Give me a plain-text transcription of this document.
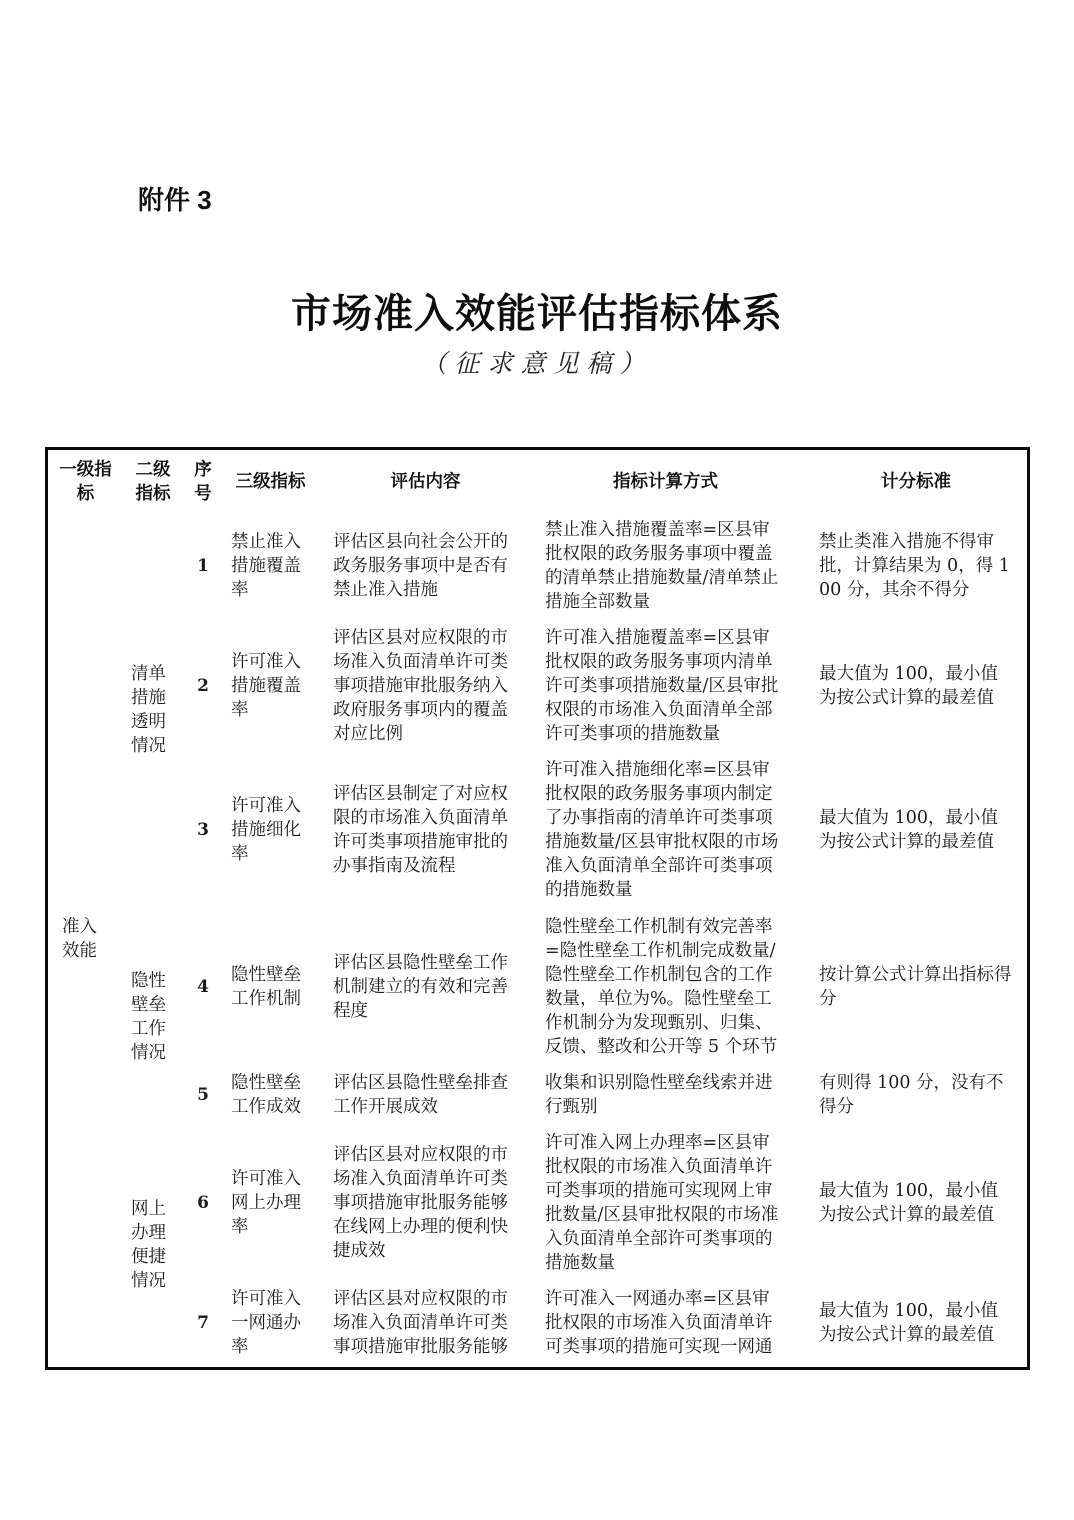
附件 3
市场准入效能评估指标体系
（征求意见稿）
一级指标	二级指标	序号	三级指标	评估内容	指标计算方式	计分标准
准入效能	清单措施透明情况	1	禁止准入措施覆盖率	评估区县向社会公开的政务服务事项中是否有禁止准入措施	禁止准入措施覆盖率=区县审批权限的政务服务事项中覆盖的清单禁止措施数量/清单禁止措施全部数量	禁止类准入措施不得审批，计算结果为 0，得 100 分，其余不得分
		2	许可准入措施覆盖率	评估区县对应权限的市场准入负面清单许可类事项措施审批服务纳入政府服务事项内的覆盖对应比例	许可准入措施覆盖率=区县审批权限的政务服务事项内清单许可类事项措施数量/区县审批权限的市场准入负面清单全部许可类事项的措施数量	最大值为 100，最小值为按公式计算的最差值
		3	许可准入措施细化率	评估区县制定了对应权限的市场准入负面清单许可类事项措施审批的办事指南及流程	许可准入措施细化率=区县审批权限的政务服务事项内制定了办事指南的清单许可类事项措施数量/区县审批权限的市场准入负面清单全部许可类事项的措施数量	最大值为 100，最小值为按公式计算的最差值
	隐性壁垒工作情况	4	隐性壁垒工作机制	评估区县隐性壁垒工作机制建立的有效和完善程度	隐性壁垒工作机制有效完善率=隐性壁垒工作机制完成数量/隐性壁垒工作机制包含的工作数量，单位为%。隐性壁垒工作机制分为发现甄别、归集、反馈、整改和公开等 5 个环节	按计算公式计算出指标得分
		5	隐性壁垒工作成效	评估区县隐性壁垒排查工作开展成效	收集和识别隐性壁垒线索并进行甄别	有则得 100 分，没有不得分
	网上办理便捷情况	6	许可准入网上办理率	评估区县对应权限的市场准入负面清单许可类事项措施审批服务能够在线网上办理的便利快捷成效	许可准入网上办理率=区县审批权限的市场准入负面清单许可类事项的措施可实现网上审批数量/区县审批权限的市场准入负面清单全部许可类事项的措施数量	最大值为 100，最小值为按公式计算的最差值
		7	许可准入一网通办率	评估区县对应权限的市场准入负面清单许可类事项措施审批服务能够	许可准入一网通办率=区县审批权限的市场准入负面清单许可类事项的措施可实现一网通	最大值为 100，最小值为按公式计算的最差值
